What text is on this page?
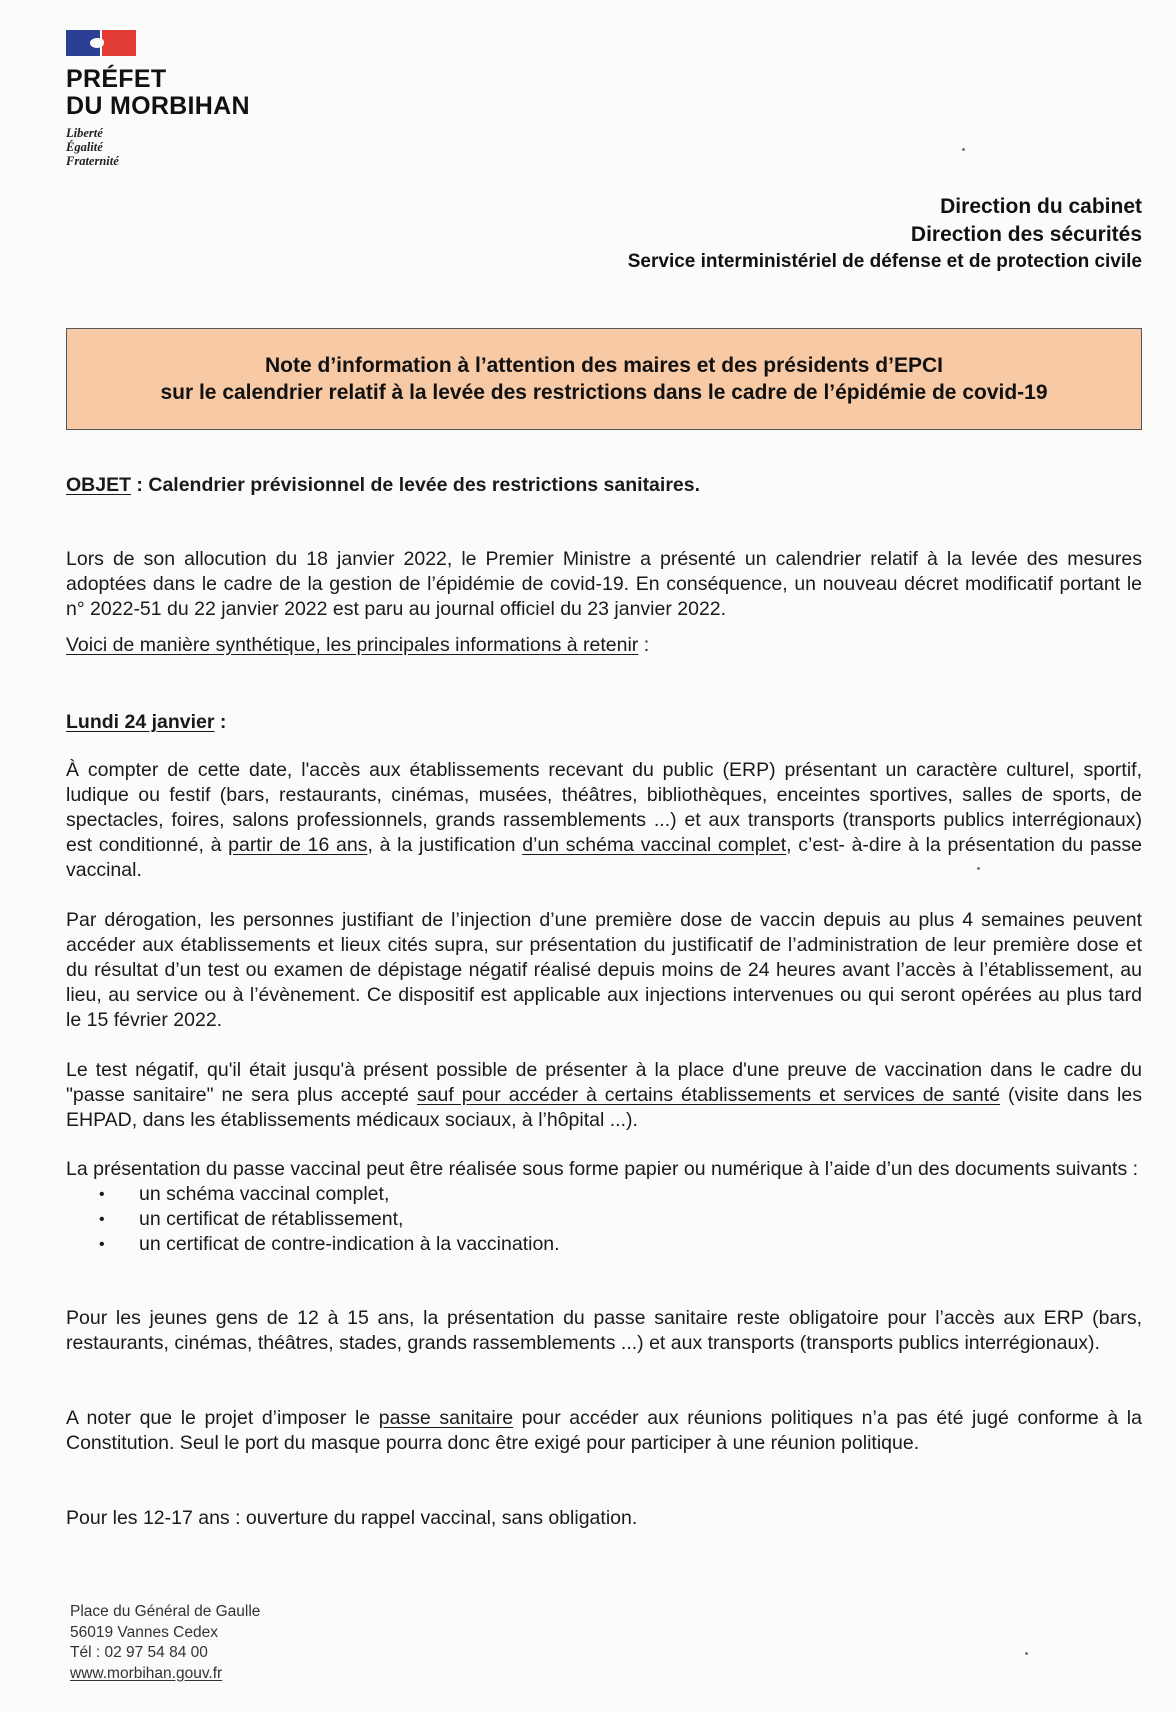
PRÉFET
DU MORBIHAN
Liberté
Égalité
Fraternité
Direction du cabinet
Direction des sécurités
Service interministériel de défense et de protection civile
Note d’information à l’attention des maires et des présidents d’EPCI
sur le calendrier relatif à la levée des restrictions dans le cadre de l’épidémie de covid-19
OBJET : Calendrier prévisionnel de levée des restrictions sanitaires.
Lors de son allocution du 18 janvier 2022, le Premier Ministre a présenté un calendrier relatif à la levée des mesures adoptées dans le cadre de la gestion de l’épidémie de covid-19. En conséquence, un nouveau décret modificatif portant le n° 2022-51 du 22 janvier 2022 est paru au journal officiel du 23 janvier 2022.
Voici de manière synthétique, les principales informations à retenir :
Lundi 24 janvier :
À compter de cette date, l'accès aux établissements recevant du public (ERP) présentant un caractère culturel, sportif, ludique ou festif (bars, restaurants, cinémas, musées, théâtres, bibliothèques, enceintes sportives, salles de sports, de spectacles, foires, salons professionnels, grands rassemblements ...) et aux transports (transports publics interrégionaux) est conditionné, à partir de 16 ans, à la justification d’un schéma vaccinal complet, c’est- à-dire à la présentation du passe vaccinal.
Par dérogation, les personnes justifiant de l’injection d’une première dose de vaccin depuis au plus 4 semaines peuvent accéder aux établissements et lieux cités supra, sur présentation du justificatif de l’administration de leur première dose et du résultat d’un test ou examen de dépistage négatif réalisé depuis moins de 24 heures avant l’accès à l’établissement, au lieu, au service ou à l’évènement. Ce dispositif est applicable aux injections intervenues ou qui seront opérées au plus tard le 15 février 2022.
Le test négatif, qu'il était jusqu'à présent possible de présenter à la place d'une preuve de vaccination dans le cadre du "passe sanitaire" ne sera plus accepté sauf pour accéder à certains établissements et services de santé (visite dans les EHPAD, dans les établissements médicaux sociaux, à l’hôpital ...).
La présentation du passe vaccinal peut être réalisée sous forme papier ou numérique à l’aide d’un des documents suivants :
• un schéma vaccinal complet,
• un certificat de rétablissement,
• un certificat de contre-indication à la vaccination.
Pour les jeunes gens de 12 à 15 ans, la présentation du passe sanitaire reste obligatoire pour l’accès aux ERP (bars, restaurants, cinémas, théâtres, stades, grands rassemblements ...) et aux transports (transports publics interrégionaux).
A noter que le projet d’imposer le passe sanitaire pour accéder aux réunions politiques n’a pas été jugé conforme à la Constitution. Seul le port du masque pourra donc être exigé pour participer à une réunion politique.
Pour les 12-17 ans : ouverture du rappel vaccinal, sans obligation.
Place du Général de Gaulle
56019 Vannes Cedex
Tél : 02 97 54 84 00
www.morbihan.gouv.fr
